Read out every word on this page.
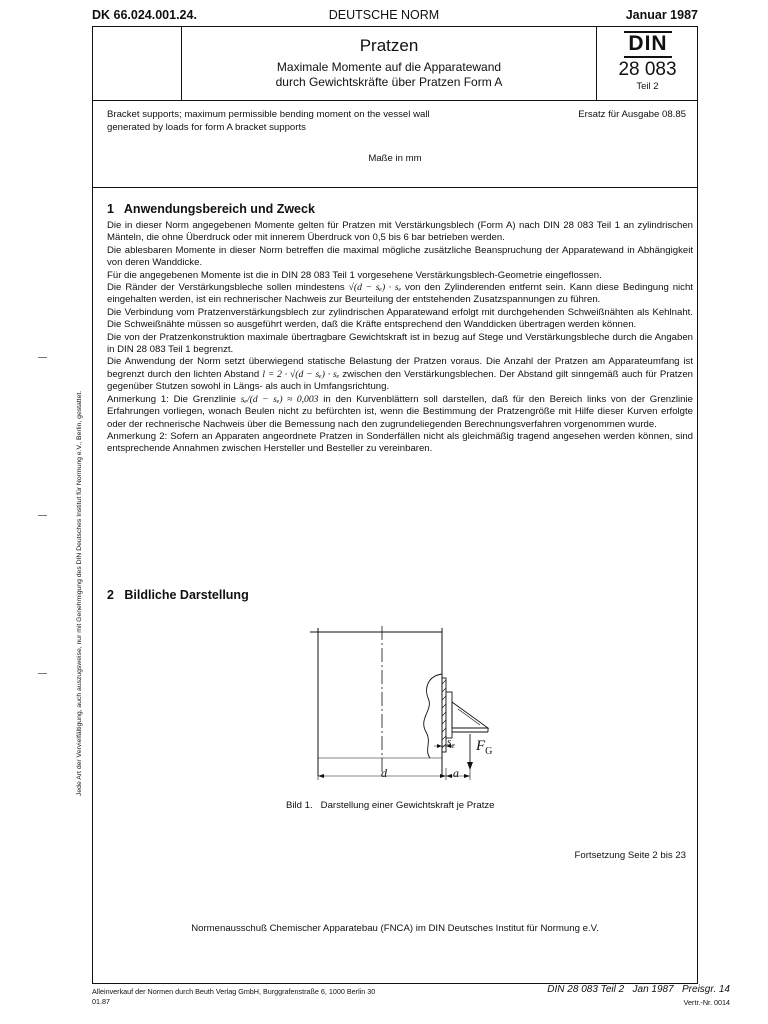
DK 66.024.001.24.	DEUTSCHE NORM	Januar 1987
Pratzen
Maximale Momente auf die Apparatewand
durch Gewichtskräfte über Pratzen Form A
DIN
28 083
Teil 2
Bracket supports; maximum permissible bending moment on the vessel wall
generated by loads for form A bracket supports
Ersatz für Ausgabe 08.85
Maße in mm
1   Anwendungsbereich und Zweck

Die in dieser Norm angegebenen Momente gelten für Pratzen mit Verstärkungsblech (Form A) nach DIN 28 083 Teil 1 an zylindrischen Mänteln, die ohne Überdruck oder mit innerem Überdruck von 0,5 bis 6 bar betrieben werden.

Die ablesbaren Momente in dieser Norm betreffen die maximal mögliche zusätzliche Beanspruchung der Apparatewand in Abhängigkeit von deren Wanddicke.

Für die angegebenen Momente ist die in DIN 28 083 Teil 1 vorgesehene Verstärkungsblech-Geometrie eingeflossen.

Die Ränder der Verstärkungsbleche sollen mindestens √(d − sₑ) · sₑ von den Zylinderenden entfernt sein. Kann diese Bedingung nicht eingehalten werden, ist ein rechnerischer Nachweis zur Beurteilung der entstehenden Zusatzspannungen zu führen.

Die Verbindung vom Pratzenverstärkungsblech zur zylindrischen Apparatewand erfolgt mit durchgehenden Schweißnähten als Kehlnaht. Die Schweißnähte müssen so ausgeführt werden, daß die Kräfte entsprechend den Wanddicken übertragen werden können.

Die von der Pratzenkonstruktion maximale übertragbare Gewichtskraft ist in bezug auf Stege und Verstärkungsbleche durch die Angaben in DIN 28 083 Teil 1 begrenzt.

Die Anwendung der Norm setzt überwiegend statische Belastung der Pratzen voraus. Die Anzahl der Pratzen am Apparateumfang ist begrenzt durch den lichten Abstand l = 2 · √(d − sₑ) · sₑ zwischen den Verstärkungsblechen. Der Abstand gilt sinngemäß auch für Pratzen gegenüber Stutzen sowohl in Längs- als auch in Umfangsrichtung.

Anmerkung 1: Die Grenzlinie sₑ/(d − sₑ) ≈ 0,003 in den Kurvenblättern soll darstellen, daß für den Bereich links von der Grenzlinie Erfahrungen vorliegen, wonach Beulen nicht zu befürchten ist, wenn die Bestimmung der Pratzengröße mit Hilfe dieser Kurven erfolgte oder der rechnerische Nachweis über die Bemessung nach den zugrundeliegenden Berechnungsverfahren vorgenommen wurde.

Anmerkung 2: Sofern an Apparaten angeordnete Pratzen in Sonderfällen nicht als gleichmäßig tragend angesehen werden können, sind entsprechende Annahmen zwischen Hersteller und Besteller zu vereinbaren.

2   Bildliche Darstellung
$F_G$
$s_e$
d	a
Bild 1.   Darstellung einer Gewichtskraft je Pratze
Fortsetzung Seite 2 bis 23
Normenausschuß Chemischer Apparatebau (FNCA) im DIN Deutsches Institut für Normung e.V.
Alleinverkauf der Normen durch Beuth Verlag GmbH, Burggrafenstraße 6, 1000 Berlin 30
01.87
DIN 28 083 Teil 2   Jan 1987   Preisgr. 14
Vertr.-Nr. 0014
Jede Art der Vervielfältigung, auch auszugsweise, nur mit Genehmigung des DIN Deutsches Institut für Normung e.V., Berlin, gestattet.
